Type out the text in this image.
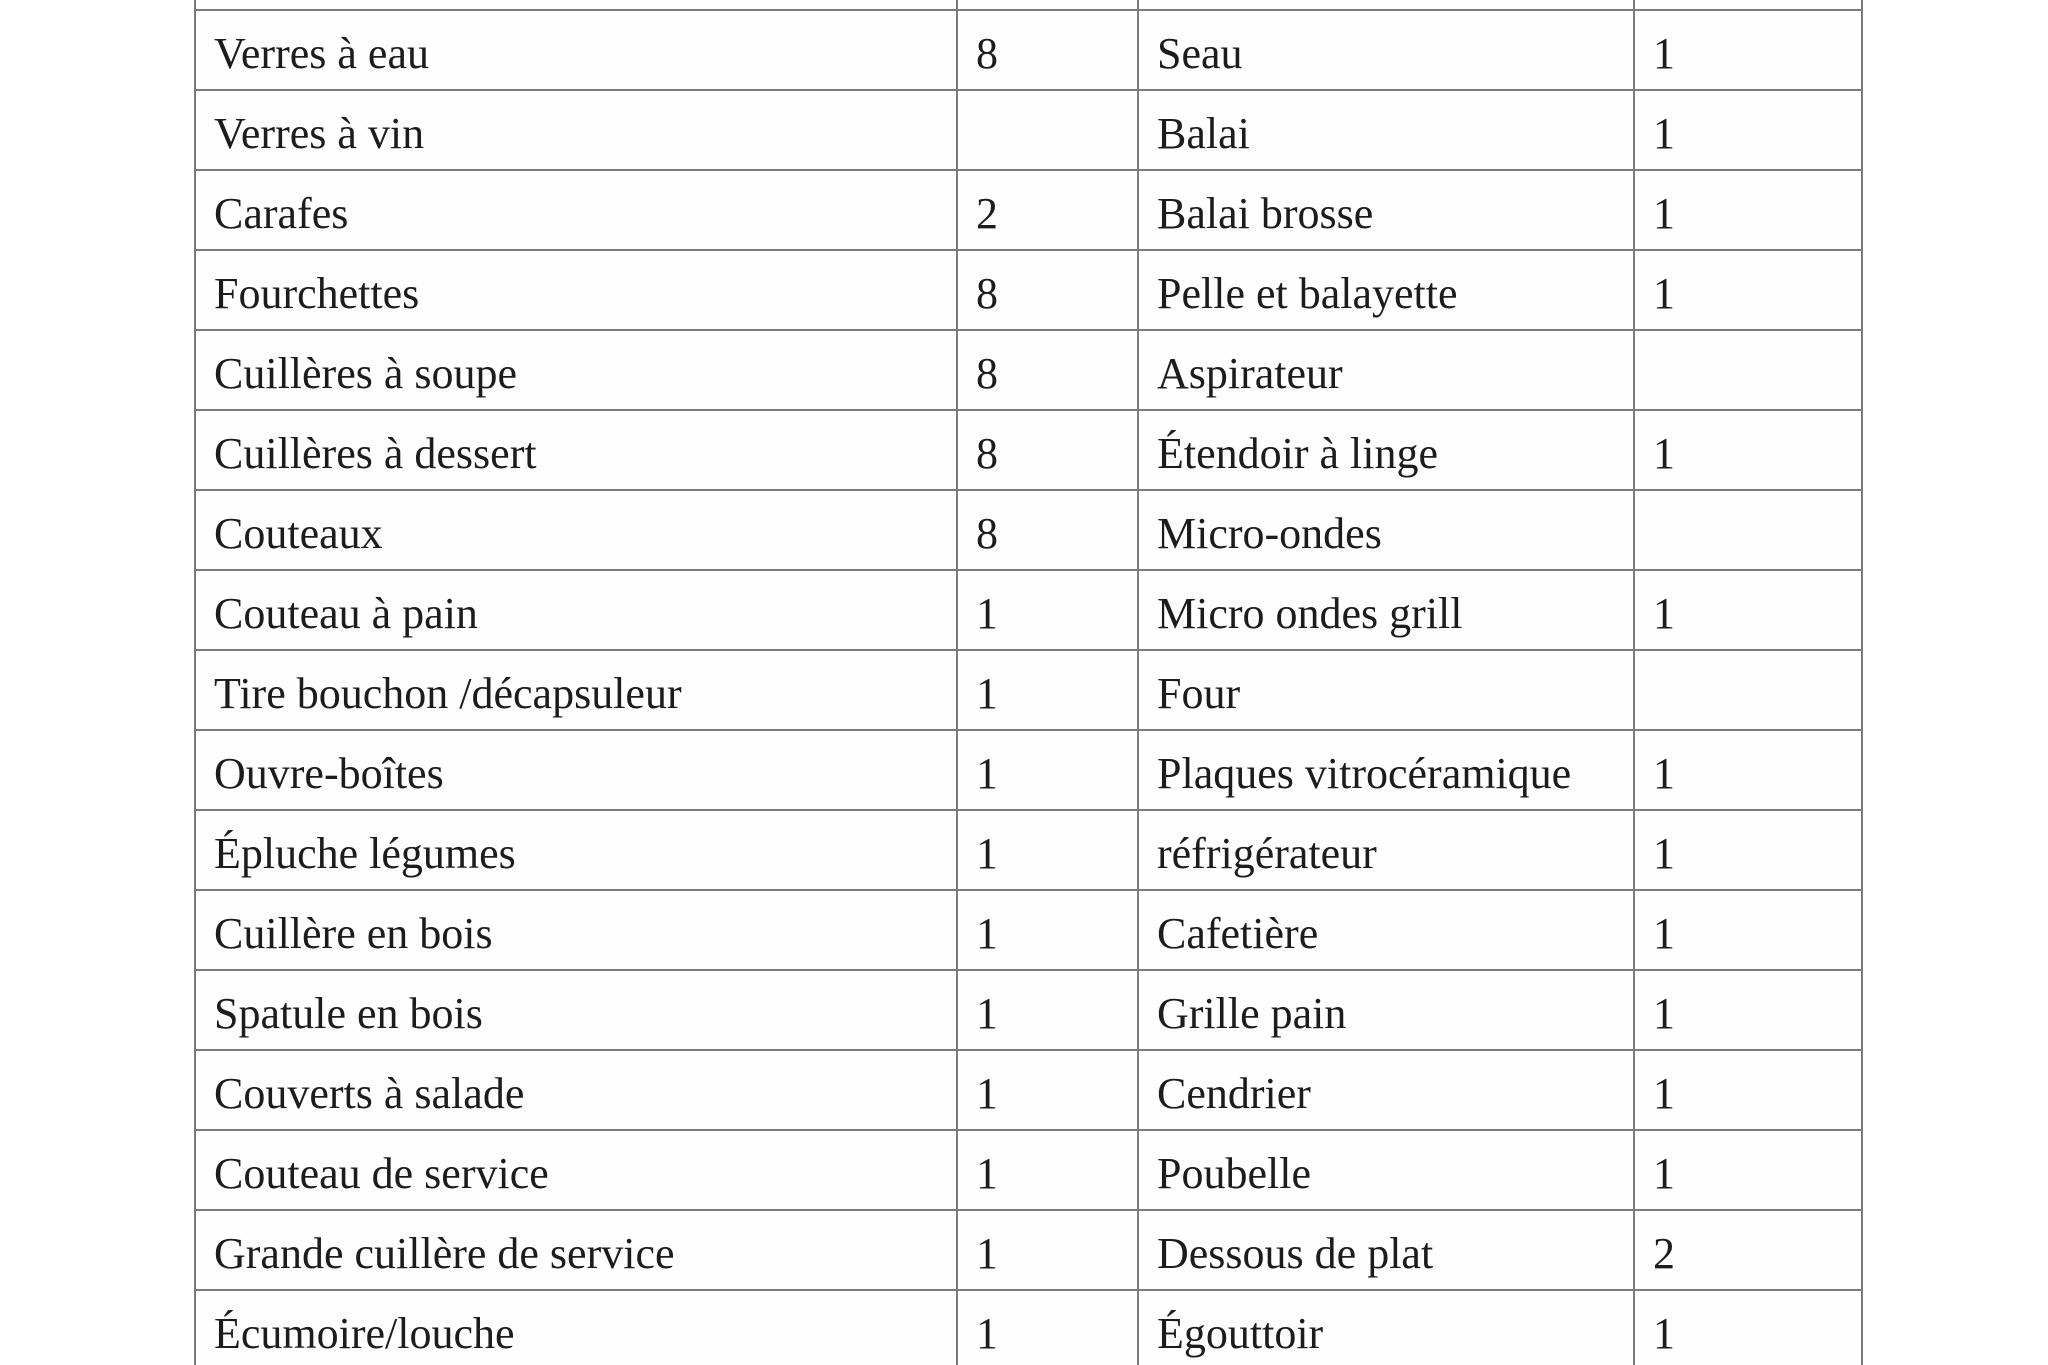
Verres à eau	8	Seau	1
Verres à vin		Balai	1
Carafes	2	Balai brosse	1
Fourchettes	8	Pelle et balayette	1
Cuillères à soupe	8	Aspirateur	
Cuillères à dessert	8	Étendoir à linge	1
Couteaux	8	Micro-ondes	
Couteau à pain	1	Micro ondes grill	1
Tire bouchon /décapsuleur	1	Four	
Ouvre-boîtes	1	Plaques vitrocéramique	1
Épluche légumes	1	réfrigérateur	1
Cuillère en bois	1	Cafetière	1
Spatule en bois	1	Grille pain	1
Couverts à salade	1	Cendrier	1
Couteau de service	1	Poubelle	1
Grande cuillère de service	1	Dessous de plat	2
Écumoire/louche	1	Égouttoir	1
